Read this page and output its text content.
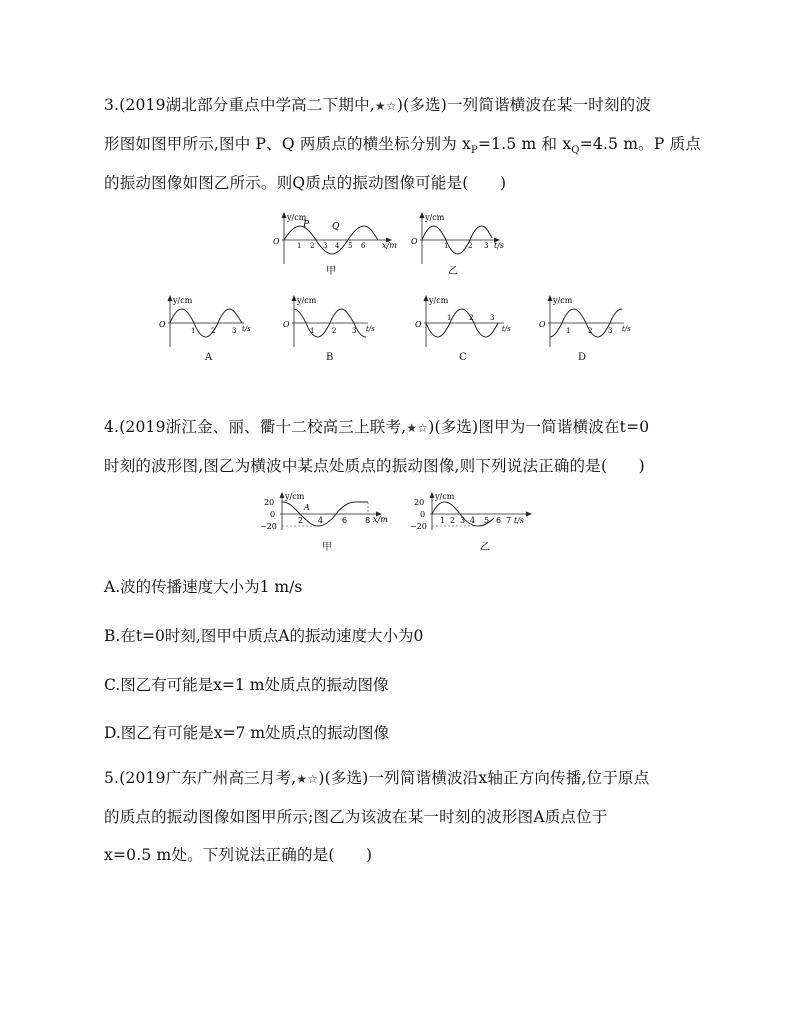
3.(2019湖北部分重点中学高二下期中,★☆)(多选)一列简谐横波在某一时刻的波
形图如图甲所示,图中 P、Q 两质点的横坐标分别为 $x_P=1.5$ m 和 $x_Q=4.5$ m。P 质点
的振动图像如图乙所示。则Q质点的振动图像可能是(　　)
y/cm
O	x/m
P	Q
1 2 3 4 5 6
甲
y/cm
O	t/s
1	2 3
乙
y/cm
O	t/s
1 2 3
A
y/cm
O	t/s
1	2 3
B
y/cm
O	t/s
1	2 3
C
y/cm
O	t/s
1	2 3
D
4.(2019浙江金、丽、衢十二校高三上联考,★☆)(多选)图甲为一简谐横波在t=0
时刻的波形图,图乙为横波中某点处质点的振动图像,则下列说法正确的是(　　)
y/cm
20
0
−20
A
2 4 6 8 x/m
甲
y/cm
20
0
−20
1 2 3 4 5 6 7 t/s
乙
A.波的传播速度大小为1 m/s
B.在t=0时刻,图甲中质点A的振动速度大小为0
C.图乙有可能是x=1 m处质点的振动图像
D.图乙有可能是x=7 m处质点的振动图像
5.(2019广东广州高三月考,★☆)(多选)一列简谐横波沿x轴正方向传播,位于原点
的质点的振动图像如图甲所示;图乙为该波在某一时刻的波形图A质点位于
x=0.5 m处。下列说法正确的是(　　)
